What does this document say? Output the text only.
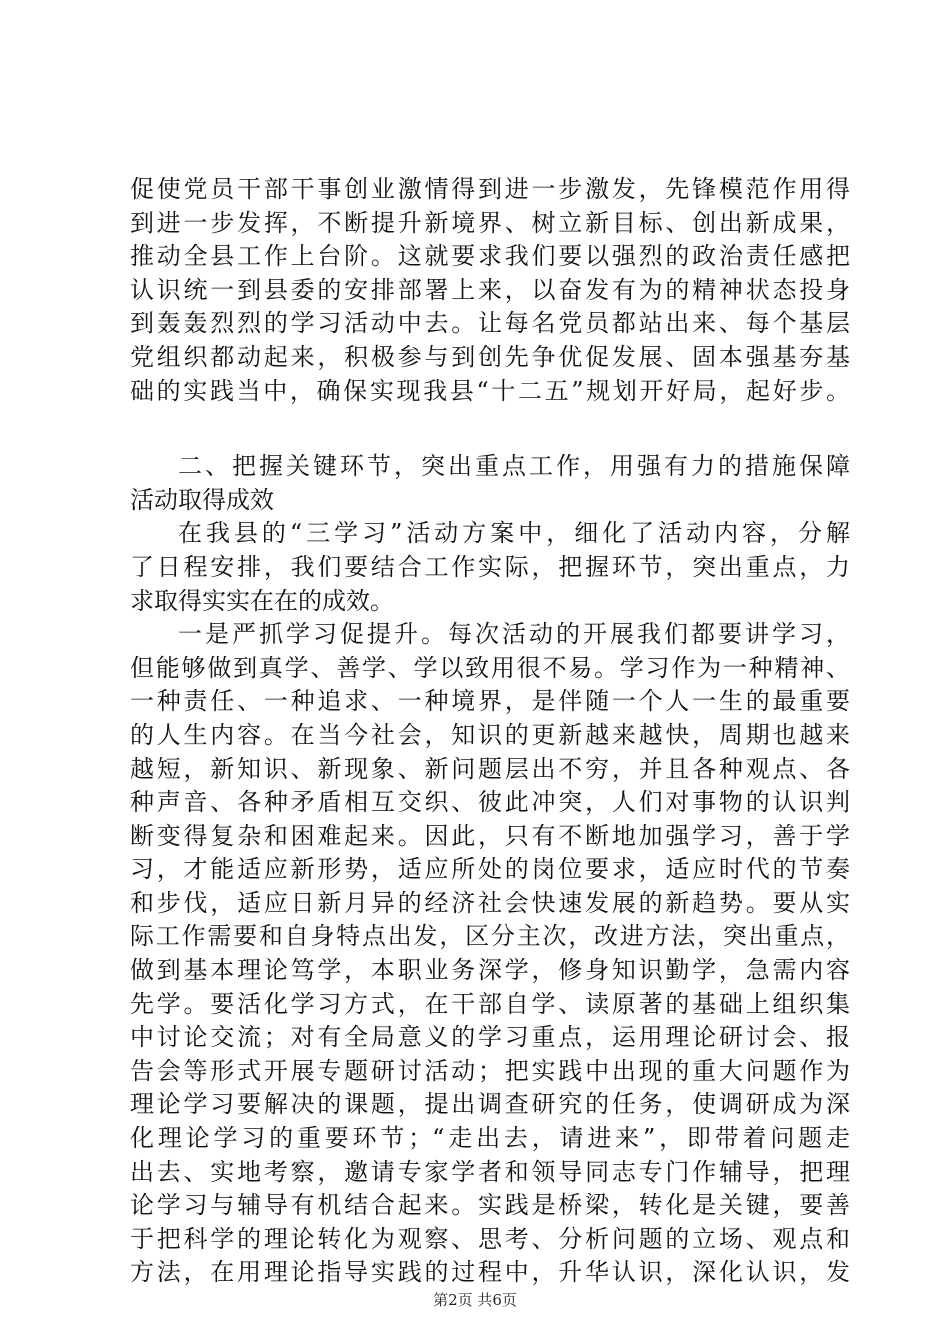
促使党员干部干事创业激情得到进一步激发，先锋模范作用得
到进一步发挥，不断提升新境界、树立新目标、创出新成果，
推动全县工作上台阶。这就要求我们要以强烈的政治责任感把
认识统一到县委的安排部署上来，以奋发有为的精神状态投身
到轰轰烈烈的学习活动中去。让每名党员都站出来、每个基层
党组织都动起来，积极参与到创先争优促发展、固本强基夯基
础的实践当中，确保实现我县“十二五”规划开好局，起好步。
二、把握关键环节，突出重点工作，用强有力的措施保障
活动取得成效
在我县的“三学习”活动方案中，细化了活动内容，分解
了日程安排，我们要结合工作实际，把握环节，突出重点，力
求取得实实在在的成效。
一是严抓学习促提升。每次活动的开展我们都要讲学习，
但能够做到真学、善学、学以致用很不易。学习作为一种精神、
一种责任、一种追求、一种境界，是伴随一个人一生的最重要
的人生内容。在当今社会，知识的更新越来越快，周期也越来
越短，新知识、新现象、新问题层出不穷，并且各种观点、各
种声音、各种矛盾相互交织、彼此冲突，人们对事物的认识判
断变得复杂和困难起来。因此，只有不断地加强学习，善于学
习，才能适应新形势，适应所处的岗位要求，适应时代的节奏
和步伐，适应日新月异的经济社会快速发展的新趋势。要从实
际工作需要和自身特点出发，区分主次，改进方法，突出重点，
做到基本理论笃学，本职业务深学，修身知识勤学，急需内容
先学。要活化学习方式，在干部自学、读原著的基础上组织集
中讨论交流；对有全局意义的学习重点，运用理论研讨会、报
告会等形式开展专题研讨活动；把实践中出现的重大问题作为
理论学习要解决的课题，提出调查研究的任务，使调研成为深
化理论学习的重要环节；“走出去，请进来”，即带着问题走
出去、实地考察，邀请专家学者和领导同志专门作辅导，把理
论学习与辅导有机结合起来。实践是桥梁，转化是关键，要善
于把科学的理论转化为观察、思考、分析问题的立场、观点和
方法，在用理论指导实践的过程中，升华认识，深化认识，发
第2页 共6页
